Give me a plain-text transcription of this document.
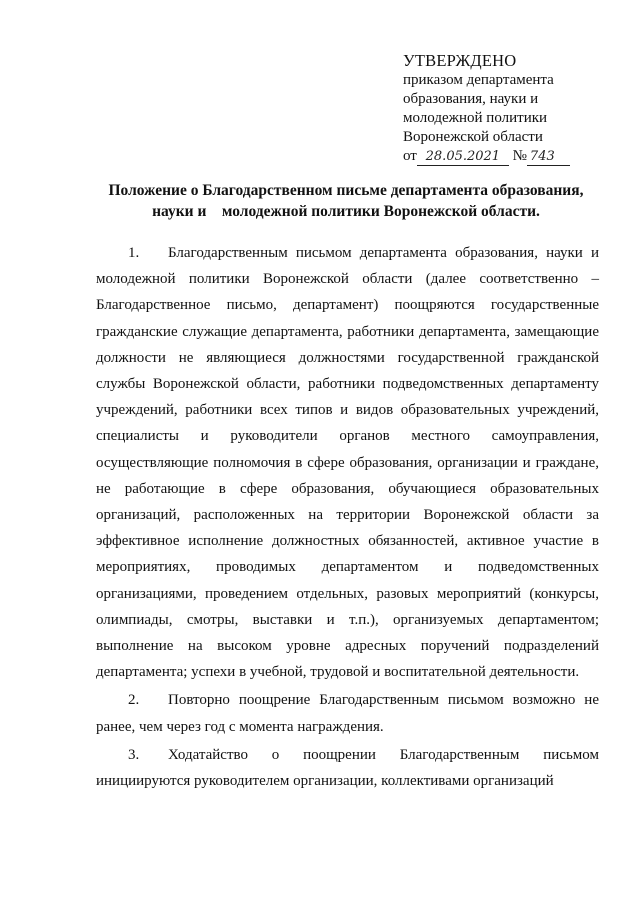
УТВЕРЖДЕНО
приказом департамента
образования, науки и
молодежной политики
Воронежской области
от 28.05.2021 № 743
Положение о Благодарственном письме департамента образования,
науки и    молодежной политики Воронежской области.

1. Благодарственным письмом департамента образования, науки и молодежной политики Воронежской области (далее соответственно – Благодарственное письмо, департамент) поощряются государственные гражданские служащие департамента, работники департамента, замещающие должности не являющиеся должностями государственной гражданской службы Воронежской области, работники подведомственных департаменту учреждений, работники всех типов и видов образовательных учреждений, специалисты и руководители органов местного самоуправления, осуществляющие полномочия в сфере образования, организации и граждане, не работающие в сфере образования, обучающиеся образовательных организаций, расположенных на территории Воронежской области за эффективное исполнение должностных обязанностей, активное участие в мероприятиях, проводимых департаментом и подведомственных организациями, проведением отдельных, разовых мероприятий (конкурсы, олимпиады, смотры, выставки и т.п.), организуемых департаментом; выполнение на высоком уровне адресных поручений подразделений департамента; успехи в учебной, трудовой и воспитательной деятельности.

2. Повторно поощрение Благодарственным письмом возможно не ранее, чем через год с момента награждения.

3. Ходатайство о поощрении Благодарственным письмом инициируются руководителем организации, коллективами организаций
